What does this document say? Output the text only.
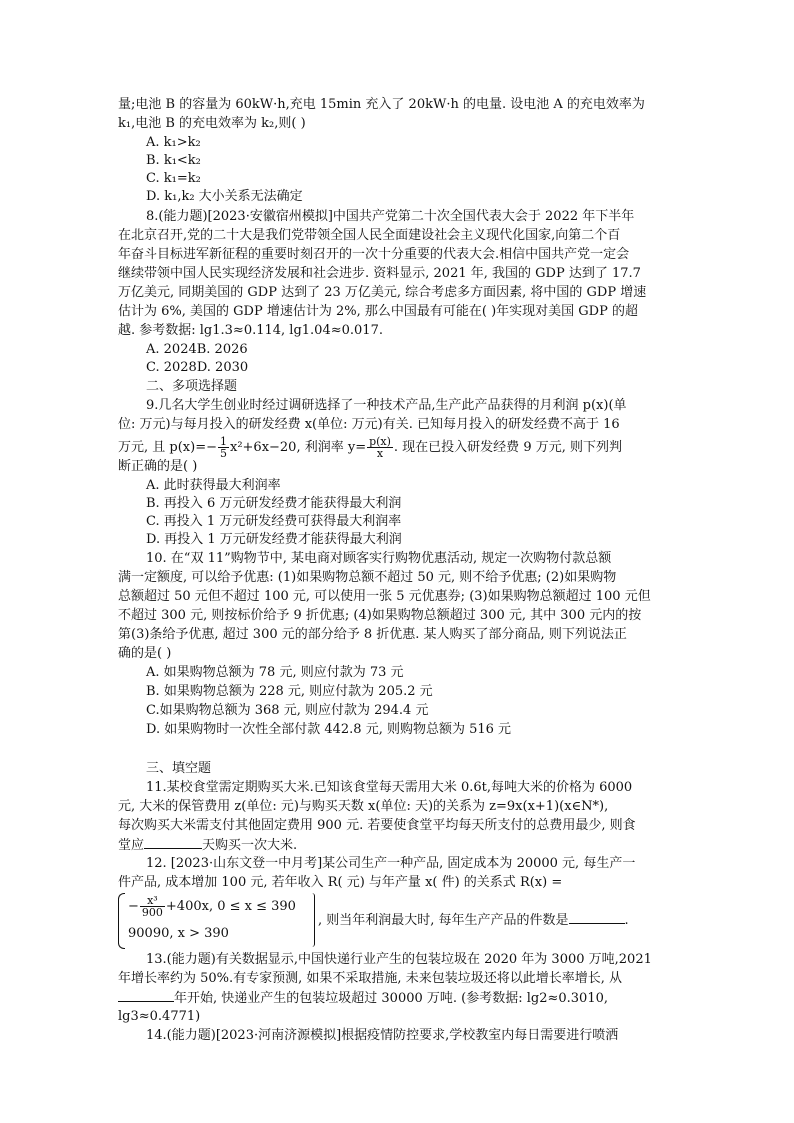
量;电池 B 的容量为 60kW·h,充电 15min 充入了 20kW·h 的电量. 设电池 A 的充电效率为
k₁,电池 B 的充电效率为 k₂,则( )
A. k₁>k₂
B. k₁<k₂
C. k₁=k₂
D. k₁,k₂ 大小关系无法确定
8.(能力题)[2023·安徽宿州模拟]中国共产党第二十次全国代表大会于 2022 年下半年
在北京召开,党的二十大是我们党带领全国人民全面建设社会主义现代化国家,向第二个百
年奋斗目标进军新征程的重要时刻召开的一次十分重要的代表大会.相信中国共产党一定会
继续带领中国人民实现经济发展和社会进步. 资料显示, 2021 年, 我国的 GDP 达到了 17.7
万亿美元, 同期美国的 GDP 达到了 23 万亿美元, 综合考虑多方面因素, 将中国的 GDP 增速
估计为 6%, 美国的 GDP 增速估计为 2%, 那么中国最有可能在( )年实现对美国 GDP 的超
越. 参考数据: lg1.3≈0.114, lg1.04≈0.017.
A. 2024B. 2026
C. 2028D. 2030
二、多项选择题
9.几名大学生创业时经过调研选择了一种技术产品,生产此产品获得的月利润 p(x)(单
位: 万元)与每月投入的研发经费 x(单位: 万元)有关. 已知每月投入的研发经费不高于 16
万元, 且 $p(x)=- \frac{1}{5} x^2+6x-20$, 利润率 $y= \frac{p(x)}{x}$ . 现在已投入研发经费 9 万元, 则下列判
断正确的是( )
A. 此时获得最大利润率
B. 再投入 6 万元研发经费才能获得最大利润
C. 再投入 1 万元研发经费可获得最大利润率
D. 再投入 1 万元研发经费才能获得最大利润
10. 在“双 11”购物节中, 某电商对顾客实行购物优惠活动, 规定一次购物付款总额
满一定额度, 可以给予优惠: (1)如果购物总额不超过 50 元, 则不给予优惠; (2)如果购物
总额超过 50 元但不超过 100 元, 可以使用一张 5 元优惠券; (3)如果购物总额超过 100 元但
不超过 300 元, 则按标价给予 9 折优惠; (4)如果购物总额超过 300 元, 其中 300 元内的按
第(3)条给予优惠, 超过 300 元的部分给予 8 折优惠. 某人购买了部分商品, 则下列说法正
确的是( )
A. 如果购物总额为 78 元, 则应付款为 73 元
B. 如果购物总额为 228 元, 则应付款为 205.2 元
C.如果购物总额为 368 元, 则应付款为 294.4 元
D. 如果购物时一次性全部付款 442.8 元, 则购物总额为 516 元
三、填空题
11.某校食堂需定期购买大米.已知该食堂每天需用大米 0.6t,每吨大米的价格为 6000
元, 大米的保管费用 z(单位: 元)与购买天数 x(单位: 天)的关系为 z=9x(x+1)(x∈N*),
每次购买大米需支付其他固定费用 900 元. 若要使食堂平均每天所支付的总费用最少, 则食
堂应	天购买一次大米.
12. [2023·山东文登一中月考]某公司生产一种产品, 固定成本为 20000 元, 每生产一
件产品, 成本增加 100 元, 若年收入 R( 元) 与年产量 x( 件) 的关系式 R(x) =
− $\frac{\text{x³}}{900} +400x$, 0 ≤ x ≤ 390
90090, x > 390
, 则当年利润最大时, 每年生产产品的件数是	.
13.(能力题)有关数据显示,中国快递行业产生的包装垃圾在 2020 年为 3000 万吨,2021
年增长率约为 50%.有专家预测, 如果不采取措施, 未来包装垃圾还将以此增长率增长, 从
年开始, 快递业产生的包装垃圾超过 30000 万吨. (参考数据: lg2≈0.3010,
lg3≈0.4771)
14.(能力题)[2023·河南济源模拟]根据疫情防控要求,学校教室内每日需要进行喷洒
